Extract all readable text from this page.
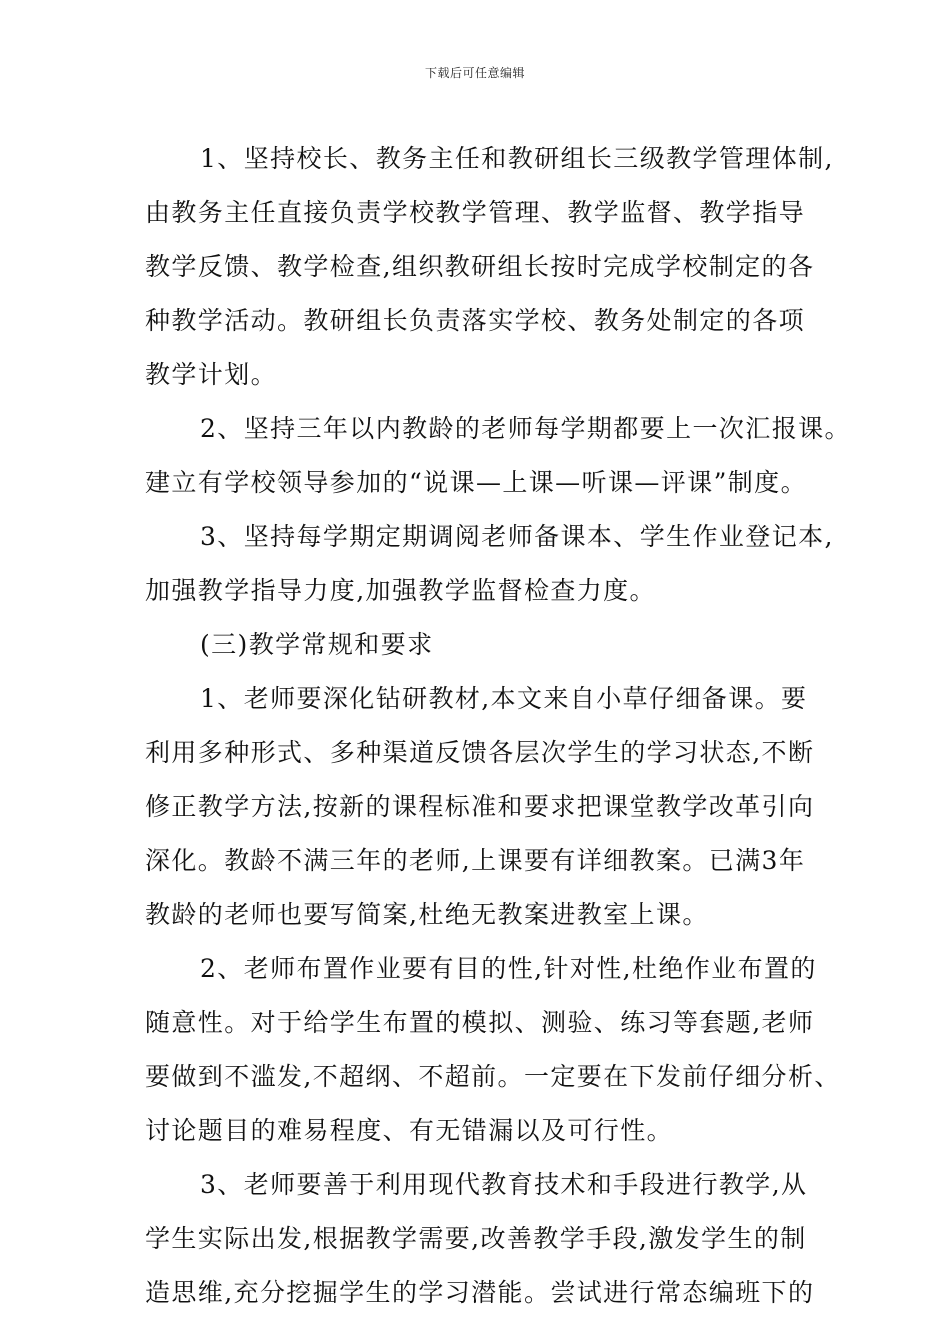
下载后可任意编辑
1、坚持校长、教务主任和教研组长三级教学管理体制,
由教务主任直接负责学校教学管理、教学监督、教学指导
教学反馈、教学检查,组织教研组长按时完成学校制定的各
种教学活动。教研组长负责落实学校、教务处制定的各项
教学计划。
2、坚持三年以内教龄的老师每学期都要上一次汇报课。
建立有学校领导参加的“说课—上课—听课—评课”制度。
3、坚持每学期定期调阅老师备课本、学生作业登记本,
加强教学指导力度,加强教学监督检查力度。
(三)教学常规和要求
1、老师要深化钻研教材,本文来自小草仔细备课。要
利用多种形式、多种渠道反馈各层次学生的学习状态,不断
修正教学方法,按新的课程标准和要求把课堂教学改革引向
深化。教龄不满三年的老师,上课要有详细教案。已满3年
教龄的老师也要写简案,杜绝无教案进教室上课。
2、老师布置作业要有目的性,针对性,杜绝作业布置的
随意性。对于给学生布置的模拟、测验、练习等套题,老师
要做到不滥发,不超纲、不超前。一定要在下发前仔细分析、
讨论题目的难易程度、有无错漏以及可行性。
3、老师要善于利用现代教育技术和手段进行教学,从
学生实际出发,根据教学需要,改善教学手段,激发学生的制
造思维,充分挖掘学生的学习潜能。尝试进行常态编班下的
